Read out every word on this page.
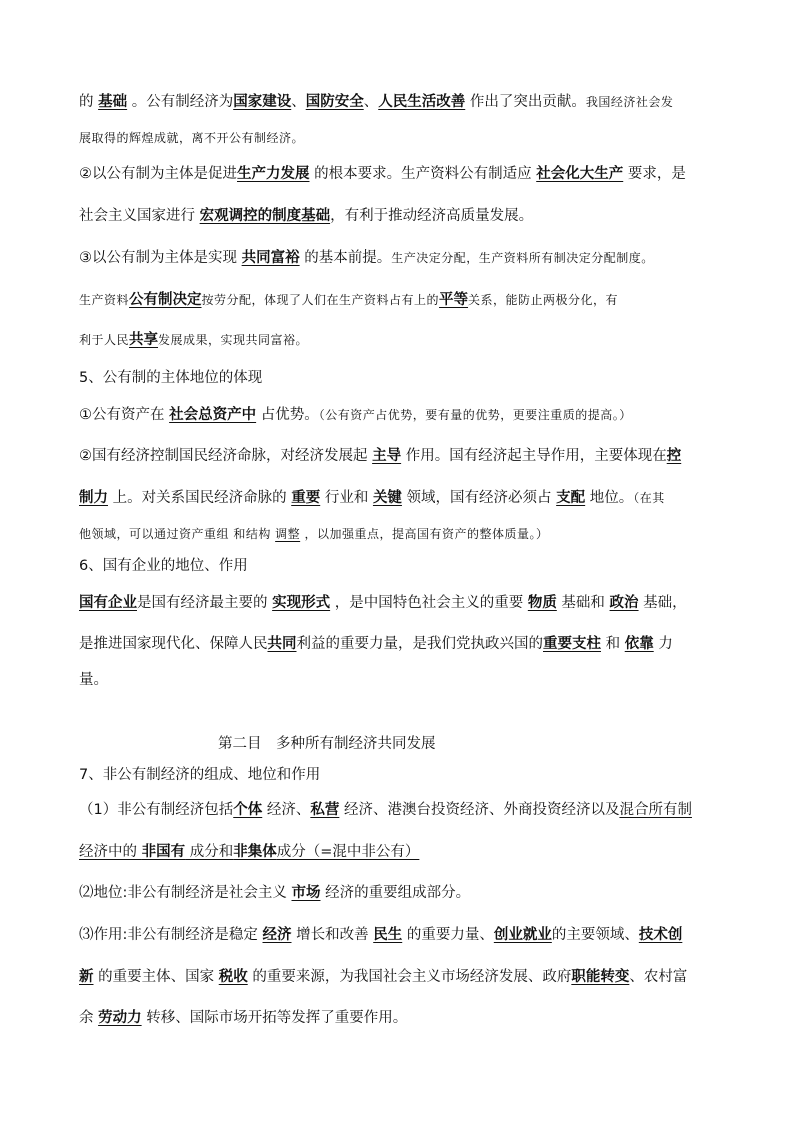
的 基础 。公有制经济为国家建设、国防安全、人民生活改善 作出了突出贡献。我国经济社会发
展取得的辉煌成就，离不开公有制经济。
②以公有制为主体是促进生产力发展 的根本要求。生产资料公有制适应 社会化大生产 要求，是
社会主义国家进行 宏观调控的制度基础，有利于推动经济高质量发展。
③以公有制为主体是实现 共同富裕 的基本前提。生产决定分配，生产资料所有制决定分配制度。
生产资料公有制决定按劳分配，体现了人们在生产资料占有上的平等关系，能防止两极分化，有
利于人民共享发展成果，实现共同富裕。
5、公有制的主体地位的体现
①公有资产在 社会总资产中 占优势。（公有资产占优势，要有量的优势，更要注重质的提高。）
②国有经济控制国民经济命脉，对经济发展起 主导 作用。国有经济起主导作用，主要体现在控
制力 上。对关系国民经济命脉的 重要 行业和 关键 领域，国有经济必须占 支配 地位。（在其
他领域，可以通过资产重组 和结构 调整 ，以加强重点，提高国有资产的整体质量。）
6、国有企业的地位、作用
国有企业是国有经济最主要的 实现形式 ，是中国特色社会主义的重要 物质 基础和 政治 基础，
是推进国家现代化、保障人民共同利益的重要力量，是我们党执政兴国的重要支柱 和 依靠 力
量。
第二目　多种所有制经济共同发展
7、非公有制经济的组成、地位和作用
（1）非公有制经济包括个体 经济、私营 经济、港澳台投资经济、外商投资经济以及混合所有制
经济中的 非国有 成分和非集体成分（=混中非公有）
⑵地位:非公有制经济是社会主义 市场 经济的重要组成部分。
⑶作用:非公有制经济是稳定 经济 增长和改善 民生 的重要力量、创业就业的主要领域、技术创
新 的重要主体、国家 税收 的重要来源，为我国社会主义市场经济发展、政府职能转变、农村富
余 劳动力 转移、国际市场开拓等发挥了重要作用。
